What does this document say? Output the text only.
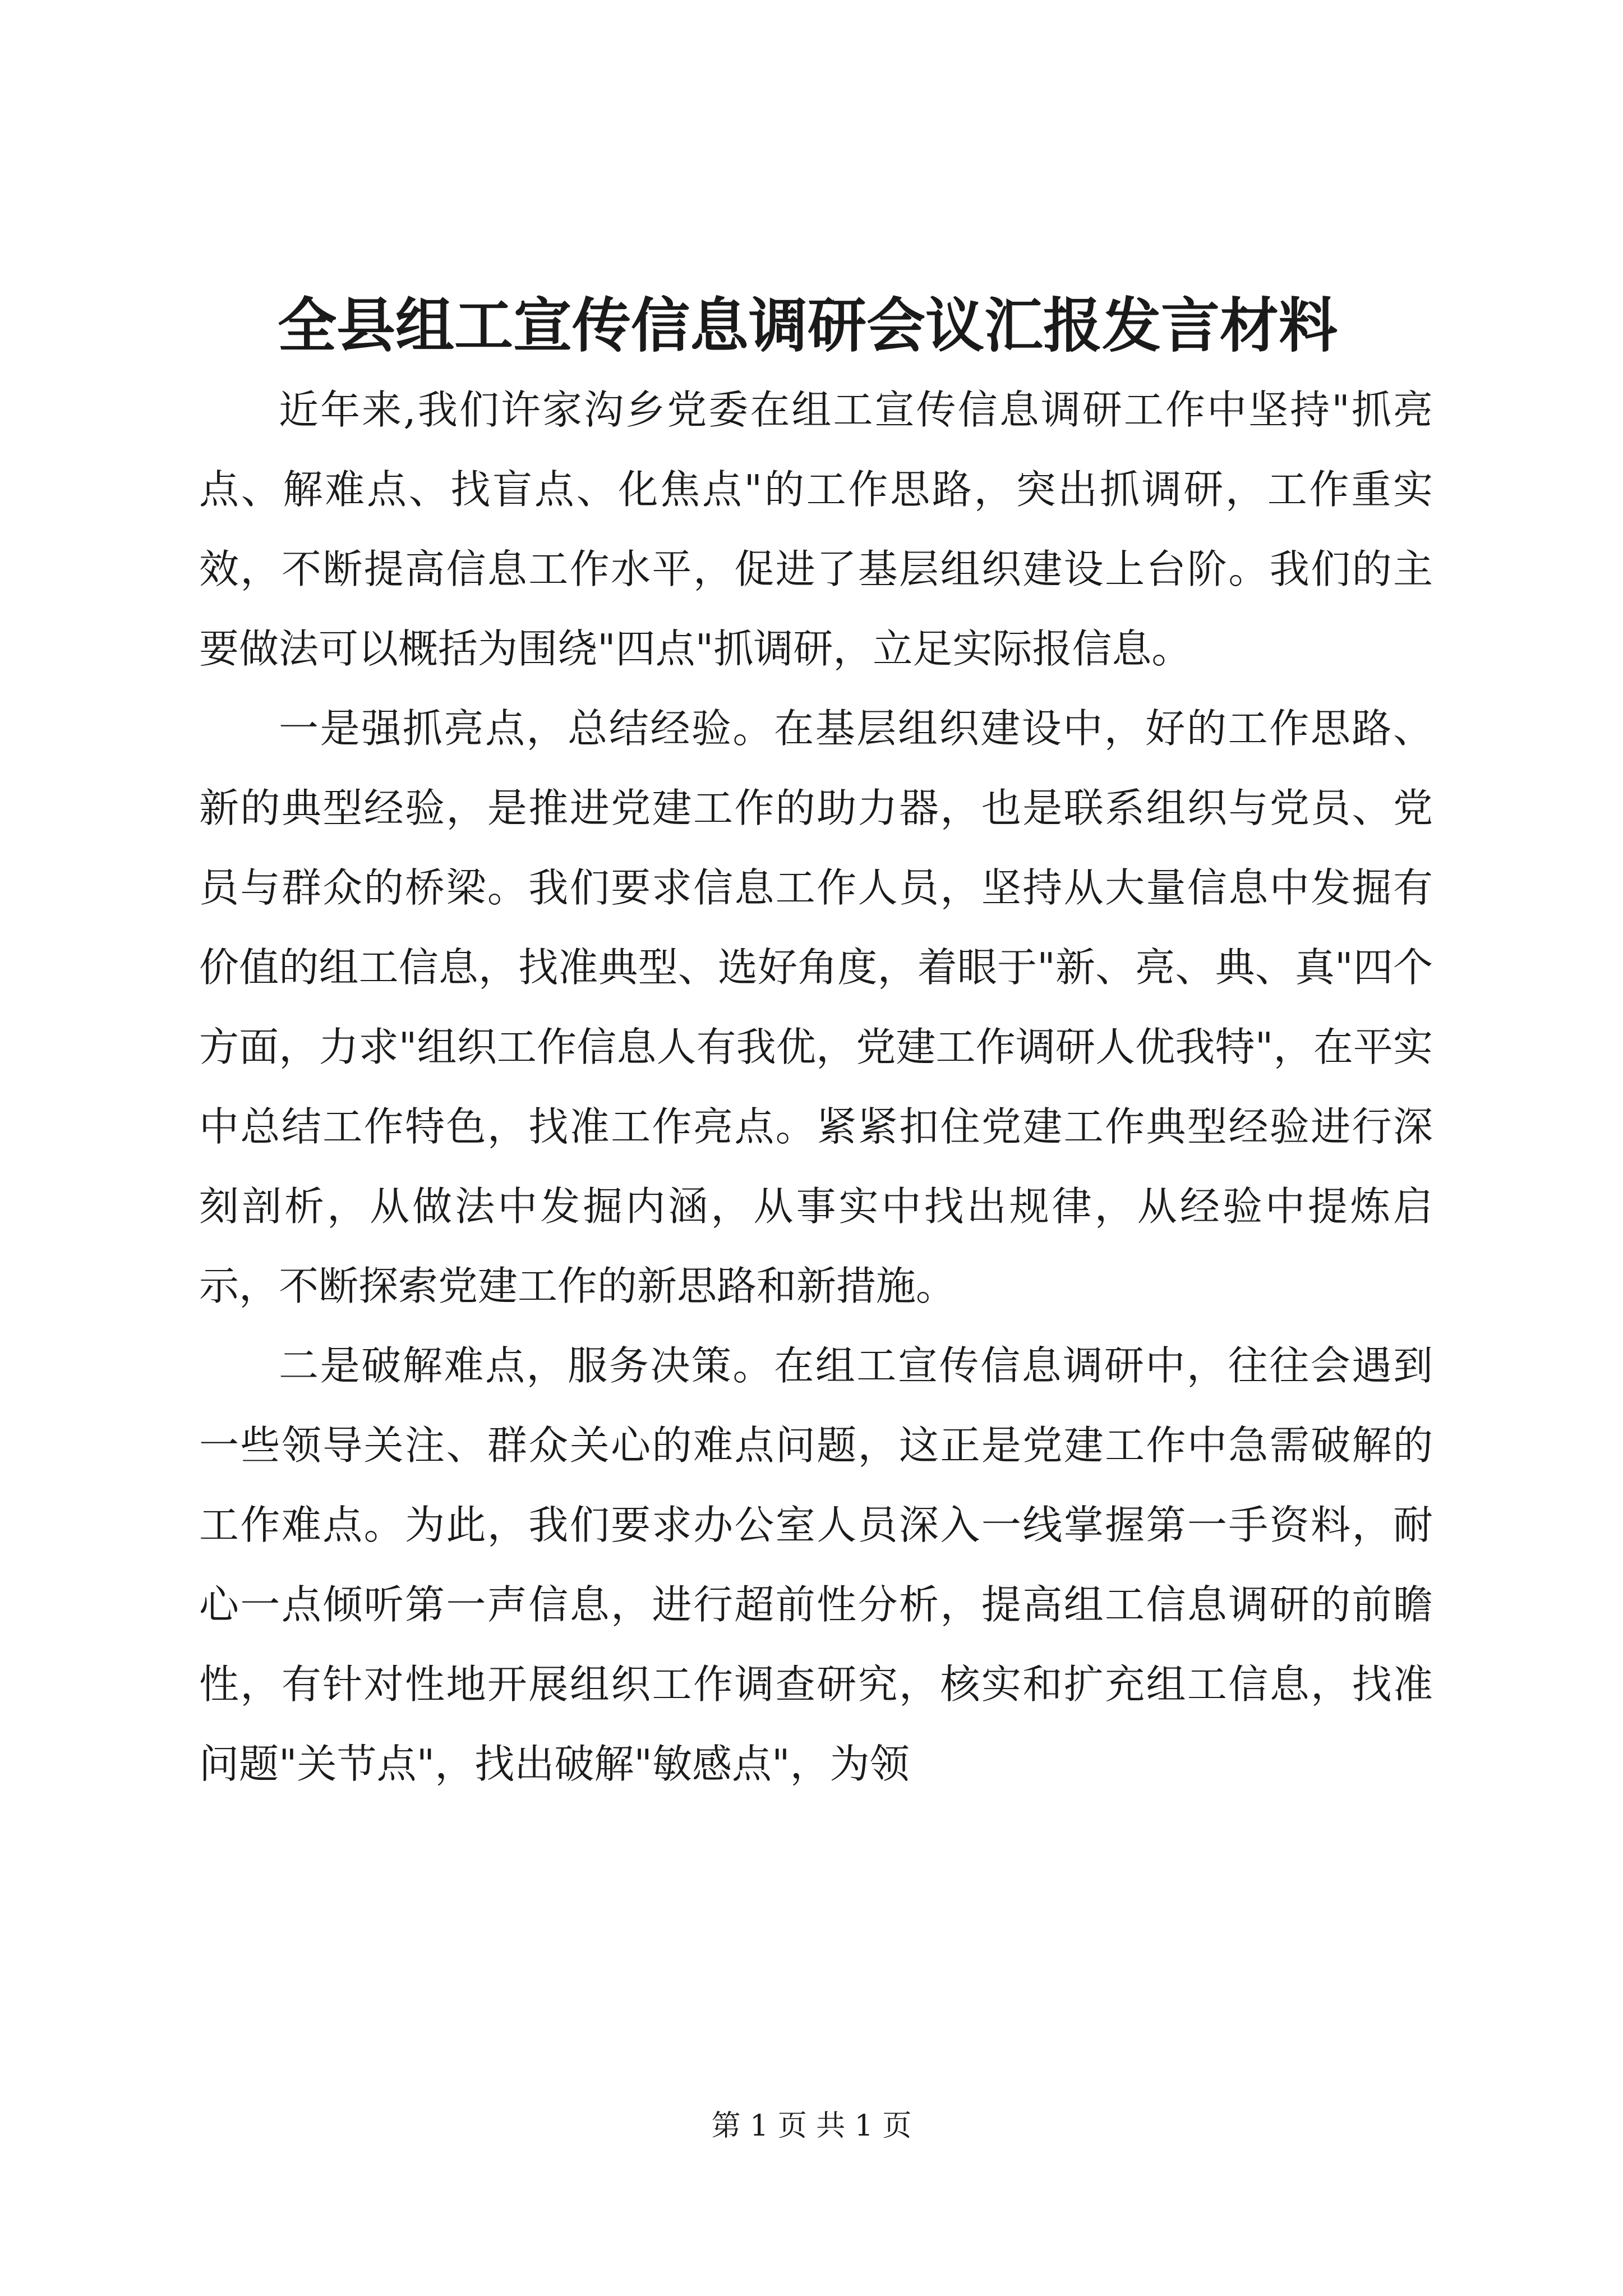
全县组工宣传信息调研会议汇报发言材料

近年来,我们许家沟乡党委在组工宣传信息调研工作中坚持"抓亮点、解难点、找盲点、化焦点"的工作思路，突出抓调研，工作重实效，不断提高信息工作水平，促进了基层组织建设上台阶。我们的主要做法可以概括为围绕"四点"抓调研，立足实际报信息。

一是强抓亮点，总结经验。在基层组织建设中，好的工作思路、新的典型经验，是推进党建工作的助力器，也是联系组织与党员、党员与群众的桥梁。我们要求信息工作人员，坚持从大量信息中发掘有价值的组工信息，找准典型、选好角度，着眼于"新、亮、典、真"四个方面，力求"组织工作信息人有我优，党建工作调研人优我特"，在平实中总结工作特色，找准工作亮点。紧紧扣住党建工作典型经验进行深刻剖析，从做法中发掘内涵，从事实中找出规律，从经验中提炼启示，不断探索党建工作的新思路和新措施。

二是破解难点，服务决策。在组工宣传信息调研中，往往会遇到一些领导关注、群众关心的难点问题，这正是党建工作中急需破解的工作难点。为此，我们要求办公室人员深入一线掌握第一手资料，耐心一点倾听第一声信息，进行超前性分析，提高组工信息调研的前瞻性，有针对性地开展组织工作调查研究，核实和扩充组工信息，找准问题"关节点"，找出破解"敏感点"，为领

第 1 页 共 1 页
